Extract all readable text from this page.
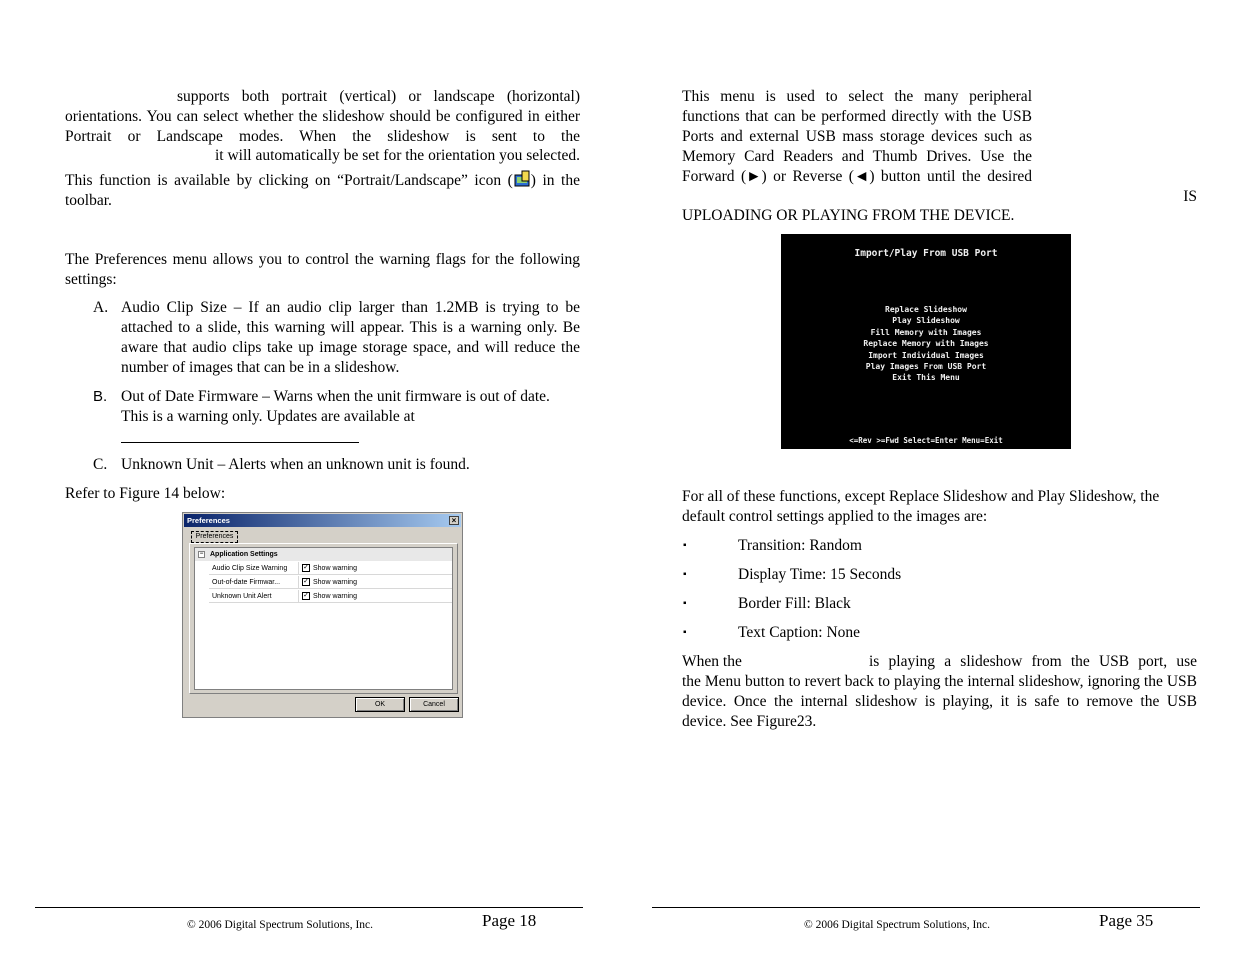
supports both portrait (vertical) or landscape (horizontal)
orientations. You can select whether the slideshow should be configured in either Portrait or Landscape modes. When the slideshow is sent to the
it will automatically be set for the orientation you selected.
This function is available by clicking on “Portrait/Landscape” icon ( ) in the toolbar.
The Preferences menu allows you to control the warning flags for the following settings:
A. Audio Clip Size – If an audio clip larger than 1.2MB is trying to be attached to a slide, this warning will appear. This is a warning only. Be aware that audio clips take up image storage space, and will reduce the number of images that can be in a slideshow.
B. Out of Date Firmware – Warns when the unit firmware is out of date. This is a warning only. Updates are available at
C. Unknown Unit – Alerts when an unknown unit is found.
Refer to Figure 14 below:
Preferences	×
Preferences
− Application Settings
Audio Clip Size Warning	✓ Show warning
Out-of-date Firmwar...	✓ Show warning
Unknown Unit Alert	✓ Show warning
OK	Cancel
© 2006 Digital Spectrum Solutions, Inc.	Page 18
This menu is used to select the many peripheral functions that can be performed directly with the USB Ports and external USB mass storage devices such as Memory Card Readers and Thumb Drives. Use the Forward (►) or Reverse (◄) button until the desired
IS
UPLOADING OR PLAYING FROM THE DEVICE.
Import/Play From USB Port
Replace Slideshow
Play Slideshow
Fill Memory with Images
Replace Memory with Images
Import Individual Images
Play Images From USB Port
Exit This Menu
<=Rev >=Fwd Select=Enter Menu=Exit
For all of these functions, except Replace Slideshow and Play Slideshow, the default control settings applied to the images are:
▪	Transition: Random
▪	Display Time: 15 Seconds
▪	Border Fill: Black
▪	Text Caption: None
When the	is playing a slideshow from the USB port, use
the Menu button to revert back to playing the internal slideshow, ignoring the USB device. Once the internal slideshow is playing, it is safe to remove the USB device. See Figure23.
© 2006 Digital Spectrum Solutions, Inc.	Page 35
